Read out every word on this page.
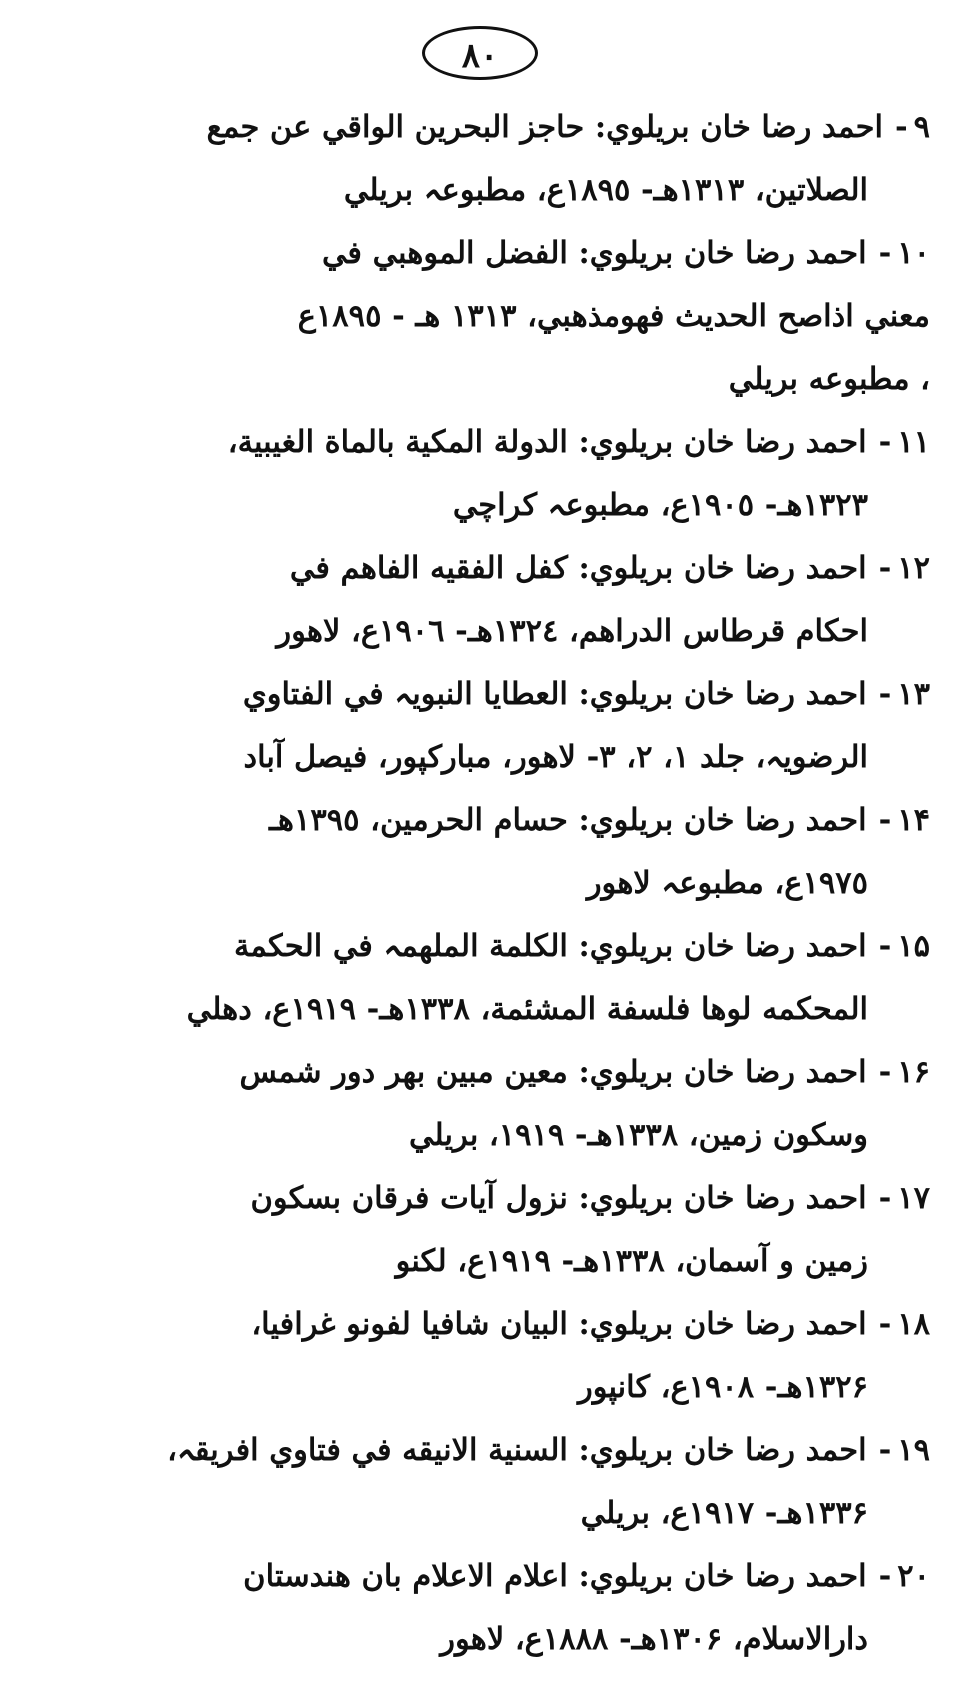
٨٠
٩-احمد رضا خان بريلوي: حاجز البحرين الواقي عن جمع
الصلاتين، ١٣١٣هـ- ١٨٩٥ع، مطبوعہ بريلي
١٠-احمد رضا خان بريلوي: الفضل الموهبي في
معني اذاصح الحديث فهومذهبي، ١٣١٣ هـ - ١٨٩٥ع
، مطبوعه بريلي
١١-احمد رضا خان بريلوي: الدولة المكية بالماة الغيبية،
١٣٢٣هـ- ١٩٠٥ع، مطبوعہ كراچي
١٢-احمد رضا خان بريلوي: كفل الفقيه الفاهم في
احكام قرطاس الدراهم، ١٣٢٤هـ- ١٩٠٦ع، لاهور
١٣-احمد رضا خان بريلوي: العطايا النبويہ في الفتاوي
الرضويہ، جلد ١، ٢، ٣- لاهور، مباركپور، فيصل آباد
١۴-احمد رضا خان بريلوي: حسام الحرمين، ١٣٩٥هـ
١٩٧٥ع، مطبوعہ لاهور
١۵-احمد رضا خان بريلوي: الكلمة الملهمہ في الحكمة
المحكمه لوها فلسفة المشئمة، ١٣٣٨هـ- ١٩١٩ع، دهلي
١۶-احمد رضا خان بريلوي: معين مبين بهر دور شمس
وسكون زمين، ١٣٣٨هـ- ١٩١٩، بريلي
١٧-احمد رضا خان بريلوي: نزول آيات فرقان بسكون
زمين و آسمان، ١٣٣٨هـ- ١٩١٩ع، لكنو
١٨-احمد رضا خان بريلوي: البيان شافيا لفونو غرافيا،
١٣٢۶هـ- ١٩٠٨ع، كانپور
١٩-احمد رضا خان بريلوي: السنية الانيقه في فتاوي افريقہ،
١٣٣۶هـ- ١٩١٧ع، بريلي
٢٠-احمد رضا خان بريلوي: اعلام الاعلام بان هندستان
دارالاسلام، ١٣٠۶هـ- ١٨٨٨ع، لاهور
